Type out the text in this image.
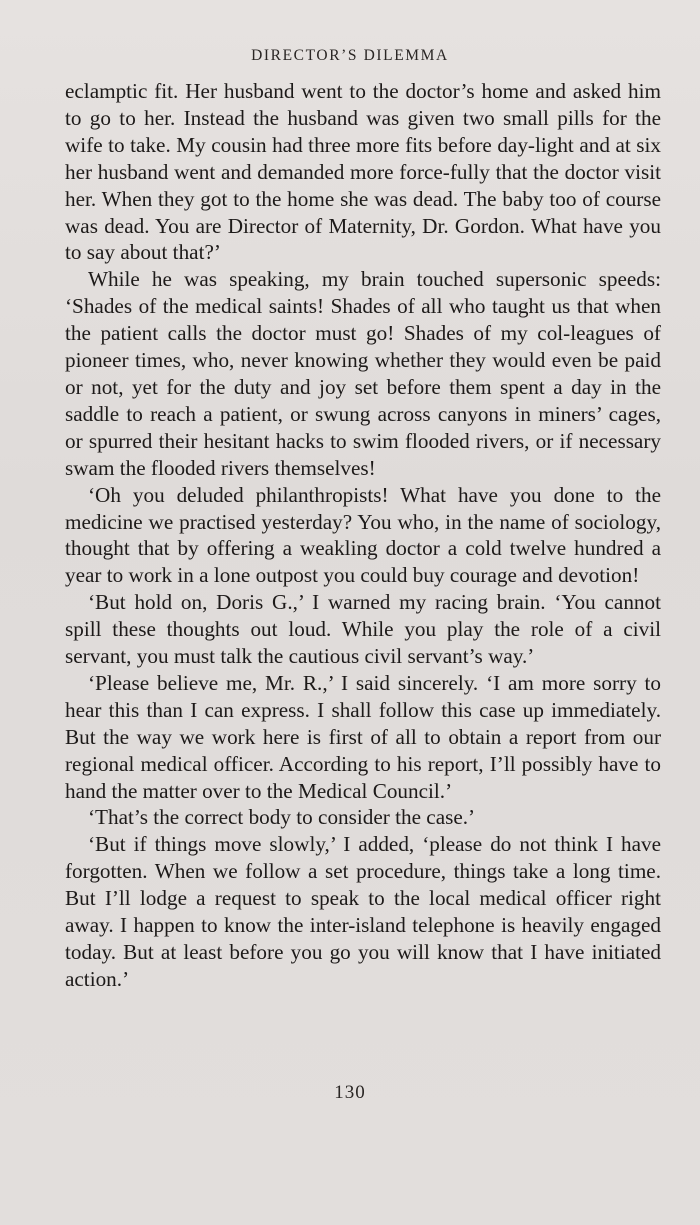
DIRECTOR’S DILEMMA

eclamptic fit. Her husband went to the doctor’s home and asked him to go to her. Instead the husband was given two small pills for the wife to take. My cousin had three more fits before day-light and at six her husband went and demanded more force-fully that the doctor visit her. When they got to the home she was dead. The baby too of course was dead. You are Director of Maternity, Dr. Gordon. What have you to say about that?’

While he was speaking, my brain touched supersonic speeds: ‘Shades of the medical saints! Shades of all who taught us that when the patient calls the doctor must go! Shades of my col-leagues of pioneer times, who, never knowing whether they would even be paid or not, yet for the duty and joy set before them spent a day in the saddle to reach a patient, or swung across canyons in miners’ cages, or spurred their hesitant hacks to swim flooded rivers, or if necessary swam the flooded rivers themselves!

‘Oh you deluded philanthropists! What have you done to the medicine we practised yesterday? You who, in the name of sociology, thought that by offering a weakling doctor a cold twelve hundred a year to work in a lone outpost you could buy courage and devotion!

‘But hold on, Doris G.,’ I warned my racing brain. ‘You cannot spill these thoughts out loud. While you play the role of a civil servant, you must talk the cautious civil servant’s way.’

‘Please believe me, Mr. R.,’ I said sincerely. ‘I am more sorry to hear this than I can express. I shall follow this case up immediately. But the way we work here is first of all to obtain a report from our regional medical officer. According to his report, I’ll possibly have to hand the matter over to the Medical Council.’

‘That’s the correct body to consider the case.’

‘But if things move slowly,’ I added, ‘please do not think I have forgotten. When we follow a set procedure, things take a long time. But I’ll lodge a request to speak to the local medical officer right away. I happen to know the inter-island telephone is heavily engaged today. But at least before you go you will know that I have initiated action.’

130
